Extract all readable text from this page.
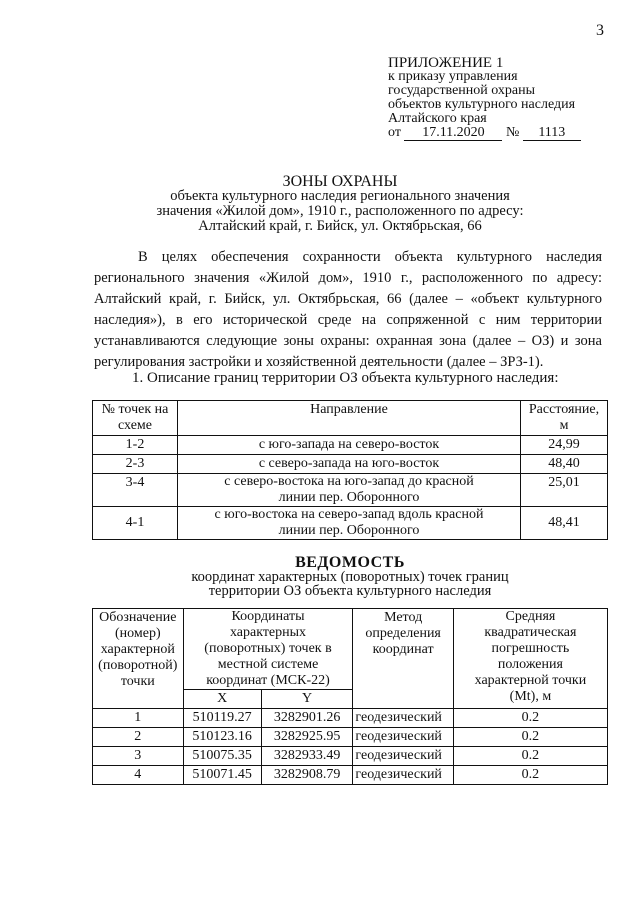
3
ПРИЛОЖЕНИЕ 1
к приказу управления
государственной охраны
объектов культурного наследия
Алтайского края
от 17.11.2020 № 1113
ЗОНЫ ОХРАНЫ
объекта культурного наследия регионального значения
значения «Жилой дом», 1910 г., расположенного по адресу:
Алтайский край, г. Бийск, ул. Октябрьская, 66

В целях обеспечения сохранности объекта культурного наследия регионального значения «Жилой дом», 1910 г., расположенного по адресу: Алтайский край, г. Бийск, ул. Октябрьская, 66 (далее – «объект культурного наследия»), в его исторической среде на сопряженной с ним территории устанавливаются следующие зоны охраны: охранная зона (далее – ОЗ) и зона регулирования застройки и хозяйственной деятельности (далее – ЗРЗ-1).

1. Описание границ территории ОЗ объекта культурного наследия:
№ точек на схеме	Направление	Расстояние, м
1-2	с юго-запада на северо-восток	24,99
2-3	с северо-запада на юго-восток	48,40
3-4	с северо-востока на юго-запад до красной линии пер. Оборонного	25,01
4-1	с юго-востока на северо-запад вдоль красной линии пер. Оборонного	48,41
ВЕДОМОСТЬ
координат характерных (поворотных) точек границ
территории ОЗ объекта культурного наследия
Обозначение (номер) характерной (поворотной) точки	Координаты характерных (поворотных) точек в местной системе координат (МСК-22)		Метод определения координат	Средняя квадратическая погрешность положения характерной точки (Mt), м
	X	Y		
1	510119.27	3282901.26	геодезический	0.2
2	510123.16	3282925.95	геодезический	0.2
3	510075.35	3282933.49	геодезический	0.2
4	510071.45	3282908.79	геодезический	0.2
